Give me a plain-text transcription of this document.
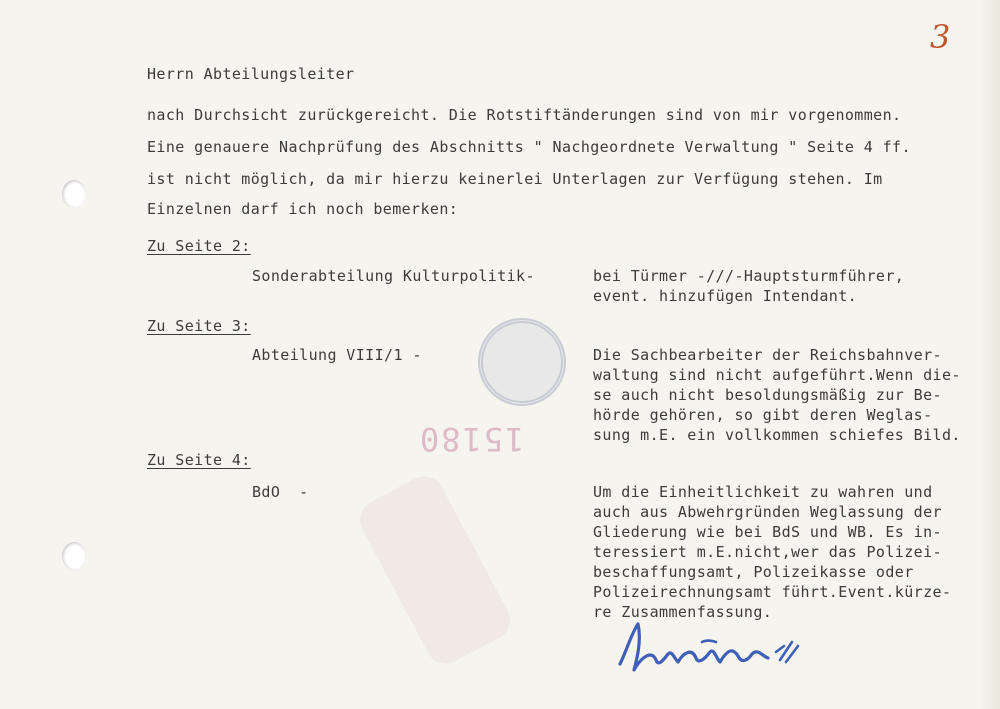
3
15180
Herrn Abteilungsleiter
nach Durchsicht zurückgereicht. Die Rotstiftänderungen sind von mir vorgenommen.
Eine genauere Nachprüfung des Abschnitts " Nachgeordnete Verwaltung " Seite 4 ff.
ist nicht möglich, da mir hierzu keinerlei Unterlagen zur Verfügung stehen. Im
Einzelnen darf ich noch bemerken:
Zu Seite 2:
Sonderabteilung Kulturpolitik-	bei Türmer -///-Hauptsturmführer,
event. hinzufügen Intendant.
Zu Seite 3:
Abteilung VIII/1 -	Die Sachbearbeiter der Reichsbahnver-
waltung sind nicht aufgeführt.Wenn die-
se auch nicht besoldungsmäßig zur Be-
hörde gehören, so gibt deren Weglas-
sung m.E. ein vollkommen schiefes Bild.
Zu Seite 4:
BdO  -	Um die Einheitlichkeit zu wahren und
auch aus Abwehrgründen Weglassung der
Gliederung wie bei BdS und WB. Es in-
teressiert m.E.nicht,wer das Polizei-
beschaffungsamt, Polizeikasse oder
Polizeirechnungsamt führt.Event.kürze-
re Zusammenfassung.
